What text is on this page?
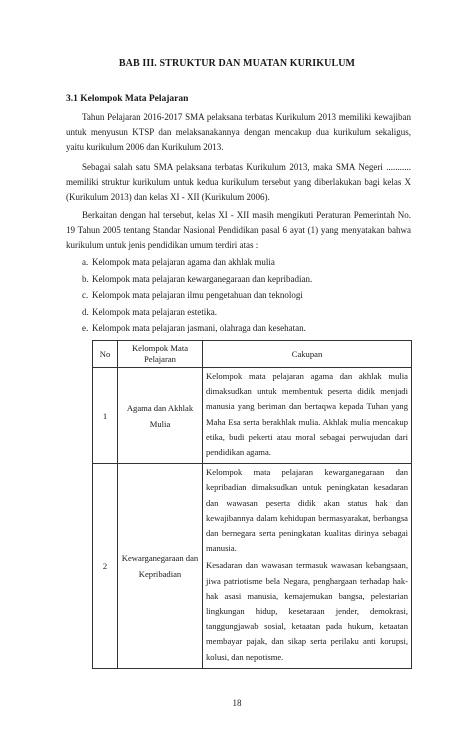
BAB III. STRUKTUR DAN MUATAN KURIKULUM
3.1 Kelompok Mata Pelajaran
Tahun Pelajaran 2016-2017 SMA pelaksana terbatas Kurikulum 2013 memiliki kewajiban untuk menyusun KTSP dan melaksanakannya dengan mencakup dua kurikulum sekaligus, yaitu kurikulum 2006 dan Kurikulum 2013.
Sebagai salah satu SMA pelaksana terbatas Kurikulum 2013, maka SMA Negeri ........... memiliki struktur kurikulum untuk kedua kurikulum tersebut yang diberlakukan bagi kelas X (Kurikulum 2013) dan kelas XI - XII (Kurikulum 2006).
Berkaitan dengan hal tersebut, kelas XI - XII masih mengikuti Peraturan Pemerintah No. 19 Tahun 2005 tentang Standar Nasional Pendidikan pasal 6 ayat (1) yang menyatakan bahwa kurikulum untuk jenis pendidikan umum terdiri atas :
a. Kelompok mata pelajaran agama dan akhlak mulia
b. Kelompok mata pelajaran kewarganegaraan dan kepribadian.
c. Kelompok mata pelajaran ilmu pengetahuan dan teknologi
d. Kelompok mata pelajaran estetika.
e. Kelompok mata pelajaran jasmani, olahraga dan kesehatan.
No	Kelompok Mata Pelajaran	Cakupan
1	Agama dan Akhlak Mulia	Kelompok mata pelajaran agama dan akhlak mulia dimaksudkan untuk membentuk peserta didik menjadi manusia yang beriman dan bertaqwa kepada Tuhan yang Maha Esa serta berakhlak mulia. Akhlak mulia mencakup etika, budi pekerti atau moral sebagai perwujudan dari pendidikan agama.

2	Kewarganegaraan dan Kepribadian	Kelompok mata pelajaran kewarganegaraan dan kepribadian dimaksudkan untuk peningkatan kesadaran dan wawasan peserta didik akan status hak dan kewajibannya dalam kehidupan bermasyarakat, berbangsa dan bernegara serta peningkatan kualitas dirinya sebagai manusia.

Kesadaran dan wawasan termasuk wawasan kebangsaan, jiwa patriotisme bela Negara, penghargaan terhadap hak-hak asasi manusia, kemajemukan bangsa, pelestarian lingkungan hidup, kesetaraan jender, demokrasi, tanggungjawab sosial, ketaatan pada hukum, ketaatan membayar pajak, dan sikap serta perilaku anti korupsi, kolusi, dan nepotisme.

18
